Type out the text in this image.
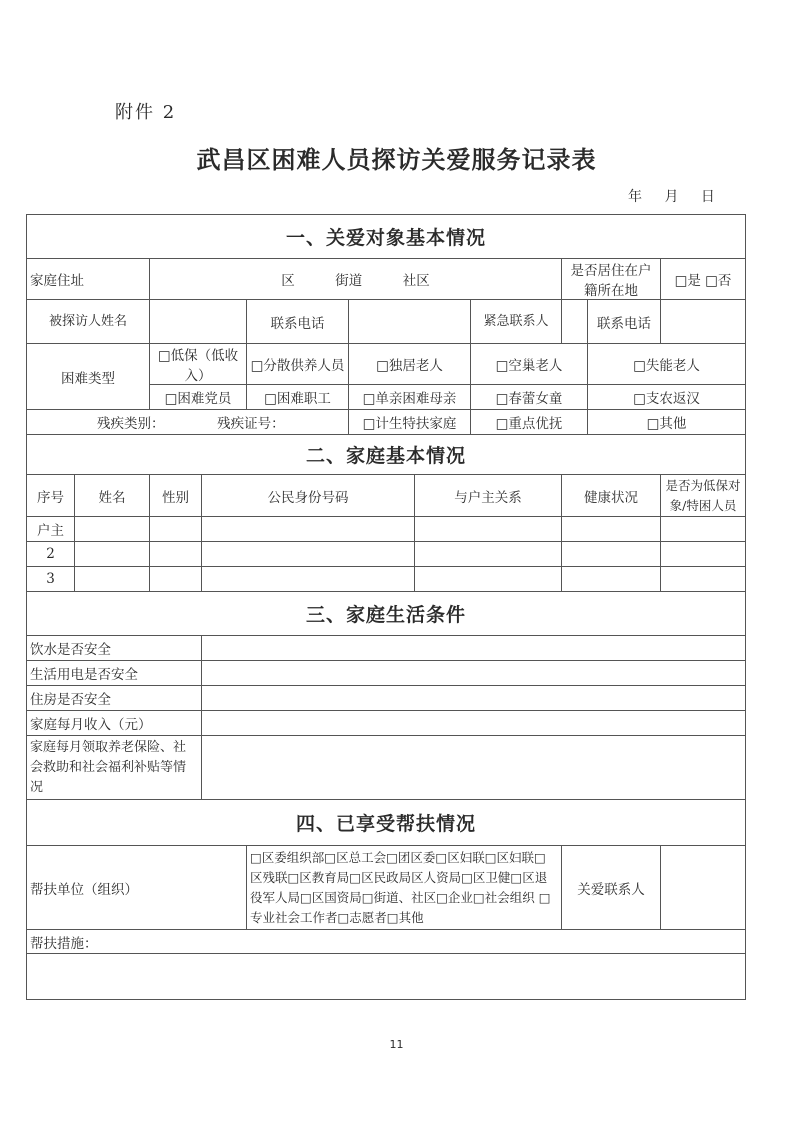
附件 2
武昌区困难人员探访关爱服务记录表
年 月 日
一、关爱对象基本情况										
家庭住址		区　　　街道　　　社区						是否居住在户籍所在地		□是 □否
被探访人姓名				联系电话			紧急联系人		联系电话	
困难类型		□低保（低收入）		□分散供养人员	□独居老人		□空巢老人		□失能老人	
		□困难党员		□困难职工	□单亲困难母亲		□春蕾女童		□支农返汉	
残疾类别： 残疾证号：					□计生特扶家庭		□重点优抚		□其他	
二、家庭基本情况										
序号	姓名	性别	公民身份号码			与户主关系		健康状况		是否为低保对象/特困人员
户主										
2										
3										
三、家庭生活条件										
饮水是否安全										
生活用电是否安全										
住房是否安全										
家庭每月收入（元）										
家庭每月领取养老保险、社会救助和社会福利补贴等情况										
四、已享受帮扶情况										
帮扶单位（组织）				□区委组织部□区总工会□团区委□区妇联□区妇联□区残联□区教育局□区民政局区人资局□区卫健□区退役军人局□区国资局□街道、社区□企业□社会组织 □专业社会工作者□志愿者□其他				关爱联系人		
帮扶措施：										

11
